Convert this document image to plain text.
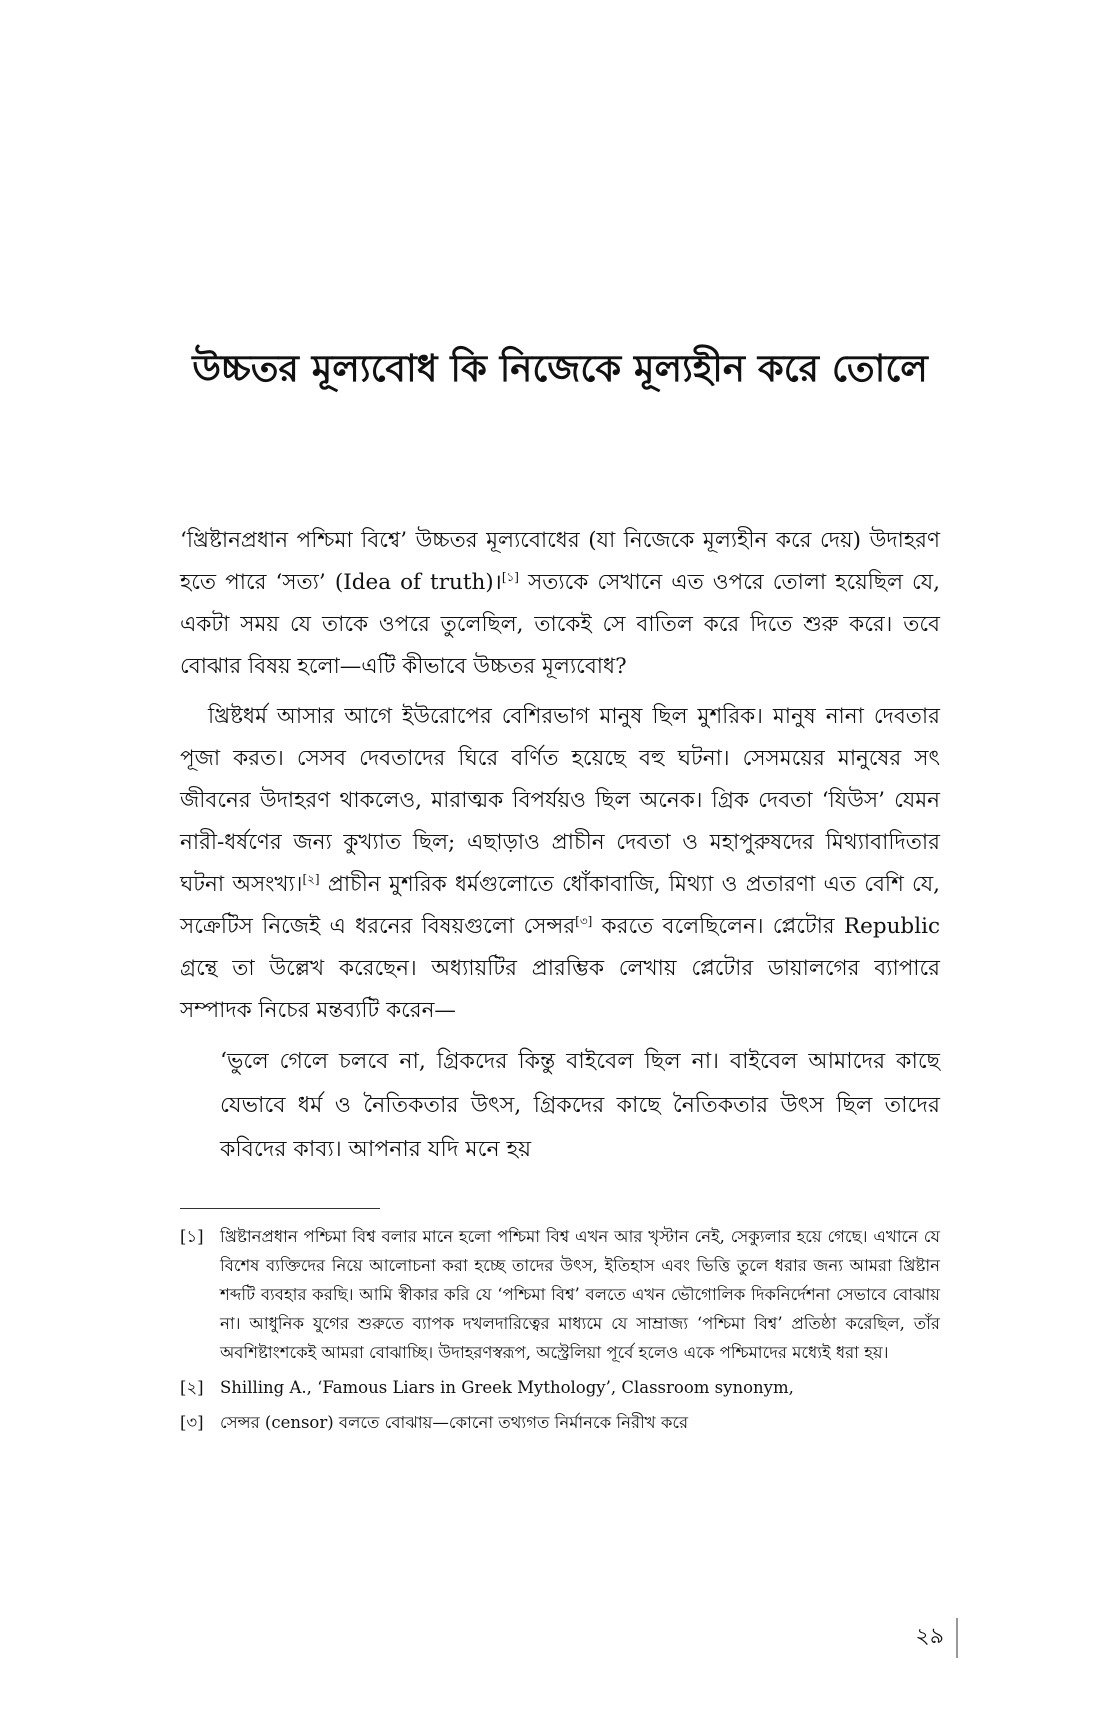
উচ্চতর মূল্যবোধ কি নিজেকে মূল্যহীন করে তোলে

‘খ্রিষ্টানপ্রধান পশ্চিমা বিশ্বে’ উচ্চতর মূল্যবোধের (যা নিজেকে মূল্যহীন করে দেয়) উদাহরণ হতে পারে ‘সত্য’ (Idea of truth)।[১] সত্যকে সেখানে এত ওপরে তোলা হয়েছিল যে, একটা সময় যে তাকে ওপরে তুলেছিল, তাকেই সে বাতিল করে দিতে শুরু করে। তবে বোঝার বিষয় হলো—এটি কীভাবে উচ্চতর মূল্যবোধ?

খ্রিষ্টধর্ম আসার আগে ইউরোপের বেশিরভাগ মানুষ ছিল মুশরিক। মানুষ নানা দেবতার পূজা করত। সেসব দেবতাদের ঘিরে বর্ণিত হয়েছে বহু ঘটনা। সেসময়ের মানুষের সৎ জীবনের উদাহরণ থাকলেও, মারাত্মক বিপর্যয়ও ছিল অনেক। গ্রিক দেবতা ‘যিউস’ যেমন নারী-ধর্ষণের জন্য কুখ্যাত ছিল; এছাড়াও প্রাচীন দেবতা ও মহাপুরুষদের মিথ্যাবাদিতার ঘটনা অসংখ্য।[২] প্রাচীন মুশরিক ধর্মগুলোতে ধোঁকাবাজি, মিথ্যা ও প্রতারণা এত বেশি যে, সক্রেটিস নিজেই এ ধরনের বিষয়গুলো সেন্সর[৩] করতে বলেছিলেন। প্লেটোর Republic গ্রন্থে তা উল্লেখ করেছেন। অধ্যায়টির প্রারম্ভিক লেখায় প্লেটোর ডায়ালগের ব্যাপারে সম্পাদক নিচের মন্তব্যটি করেন—

‘ভুলে গেলে চলবে না, গ্রিকদের কিন্তু বাইবেল ছিল না। বাইবেল আমাদের কাছে যেভাবে ধর্ম ও নৈতিকতার উৎস, গ্রিকদের কাছে নৈতিকতার উৎস ছিল তাদের কবিদের কাব্য। আপনার যদি মনে হয়

[১] খ্রিষ্টানপ্রধান পশ্চিমা বিশ্ব বলার মানে হলো পশ্চিমা বিশ্ব এখন আর খৃস্টান নেই, সেক্যুলার হয়ে গেছে। এখানে যে বিশেষ ব্যক্তিদের নিয়ে আলোচনা করা হচ্ছে তাদের উৎস, ইতিহাস এবং ভিত্তি তুলে ধরার জন্য আমরা খ্রিষ্টান শব্দটি ব্যবহার করছি। আমি স্বীকার করি যে ‘পশ্চিমা বিশ্ব’ বলতে এখন ভৌগোলিক দিকনির্দেশনা সেভাবে বোঝায় না। আধুনিক যুগের শুরুতে ব্যাপক দখলদারিত্বের মাধ্যমে যে সাম্রাজ্য ‘পশ্চিমা বিশ্ব’ প্রতিষ্ঠা করেছিল, তাঁর অবশিষ্টাংশকেই আমরা বোঝাচ্ছি। উদাহরণস্বরূপ, অস্ট্রেলিয়া পূর্বে হলেও একে পশ্চিমাদের মধ্যেই ধরা হয়।
[২] Shilling A., ‘Famous Liars in Greek Mythology’, Classroom synonym,
[৩] সেন্সর (censor) বলতে বোঝায়—কোনো তথ্যগত নির্মানকে নিরীখ করে
২৯
